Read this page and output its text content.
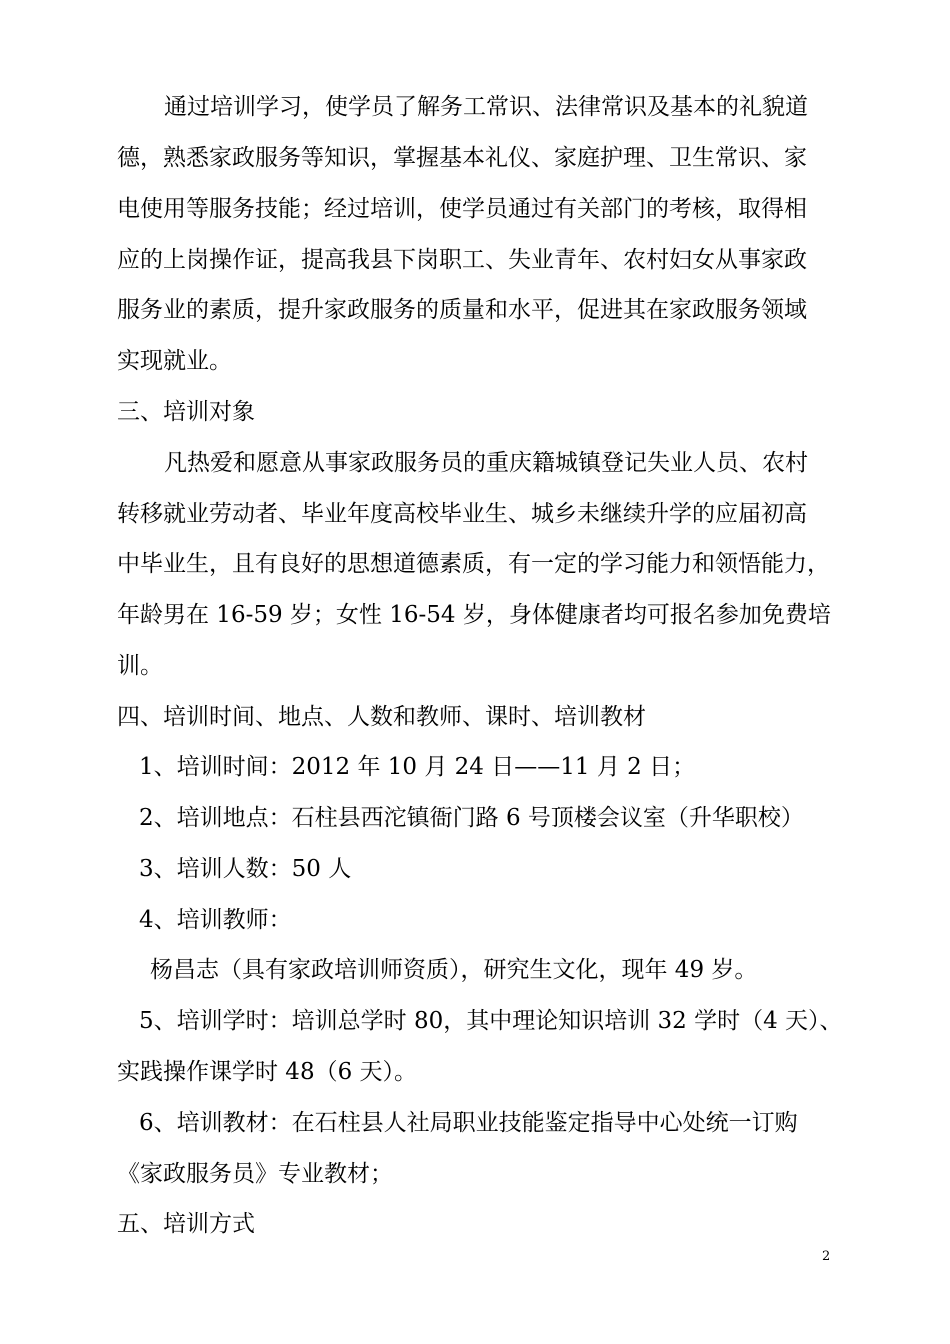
通过培训学习，使学员了解务工常识、法律常识及基本的礼貌道
德，熟悉家政服务等知识，掌握基本礼仪、家庭护理、卫生常识、家
电使用等服务技能；经过培训，使学员通过有关部门的考核，取得相
应的上岗操作证，提高我县下岗职工、失业青年、农村妇女从事家政
服务业的素质，提升家政服务的质量和水平，促进其在家政服务领域
实现就业。
三、培训对象
凡热爱和愿意从事家政服务员的重庆籍城镇登记失业人员、农村
转移就业劳动者、毕业年度高校毕业生、城乡未继续升学的应届初高
中毕业生，且有良好的思想道德素质，有一定的学习能力和领悟能力，
年龄男在 16-59 岁；女性 16-54 岁，身体健康者均可报名参加免费培
训。
四、培训时间、地点、人数和教师、课时、培训教材
1、培训时间：2012 年 10 月 24 日——11 月 2 日；
2、培训地点：石柱县西沱镇衙门路 6 号顶楼会议室（升华职校）
3、培训人数：50 人
4、培训教师：
杨昌志（具有家政培训师资质），研究生文化，现年 49 岁。
5、培训学时：培训总学时 80，其中理论知识培训 32 学时（4 天）、
实践操作课学时 48（6 天）。
6、培训教材：在石柱县人社局职业技能鉴定指导中心处统一订购
《家政服务员》专业教材；
五、培训方式
2
